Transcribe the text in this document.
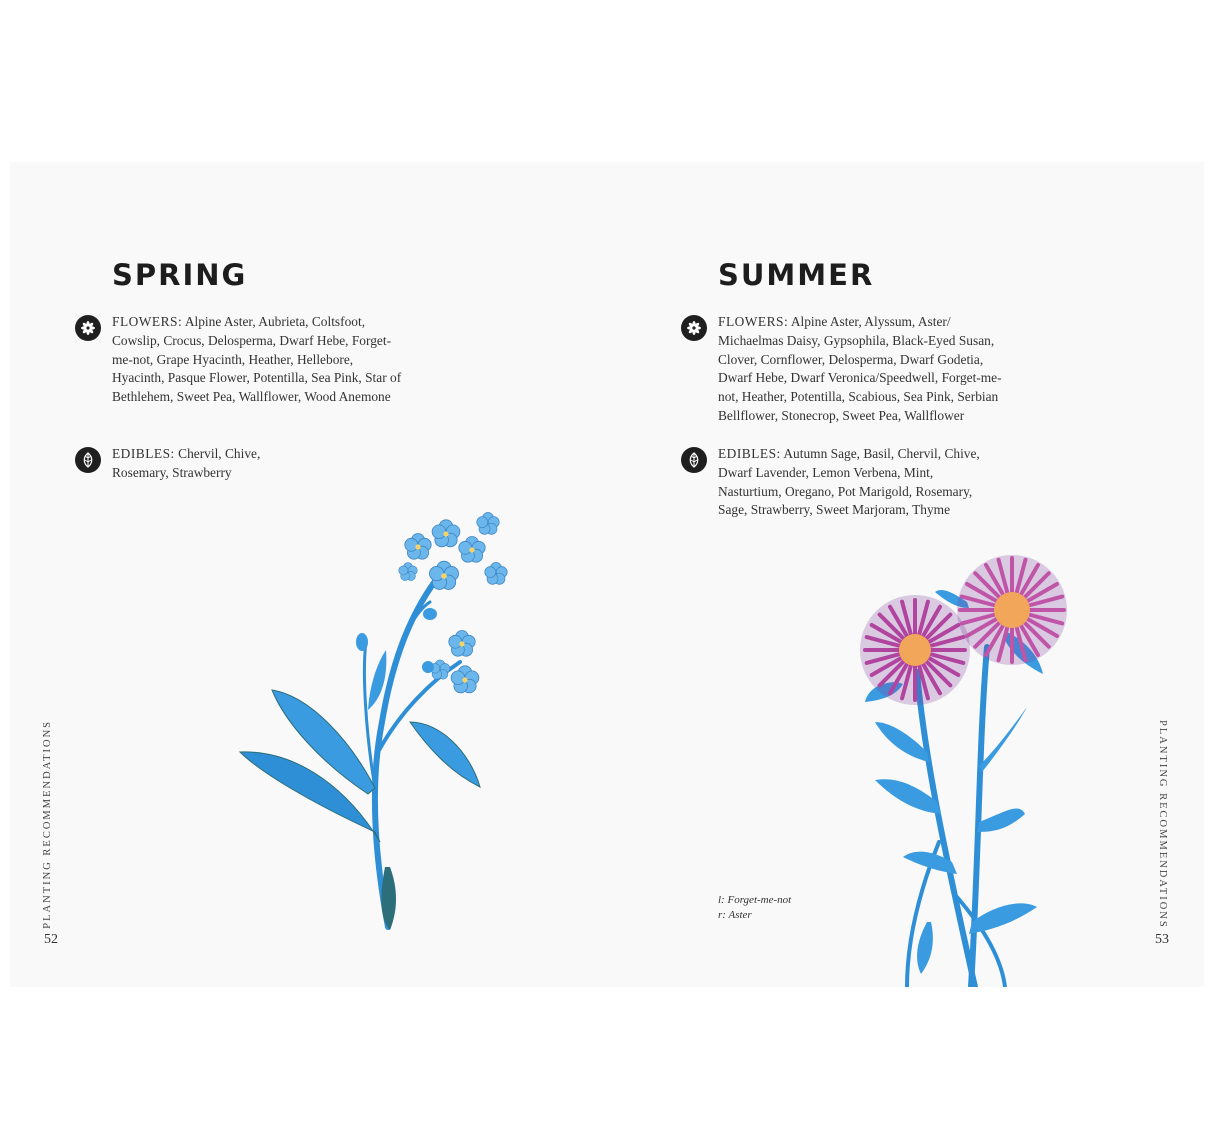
SPRING

FLOWERS: Alpine Aster, Aubrieta, Coltsfoot, Cowslip, Crocus, Delosperma, Dwarf Hebe, Forget-me-not, Grape Hyacinth, Heather, Hellebore, Hyacinth, Pasque Flower, Potentilla, Sea Pink, Star of Bethlehem, Sweet Pea, Wallflower, Wood Anemone

EDIBLES: Chervil, Chive, Rosemary, Strawberry

PLANTING RECOMMENDATIONS
52
SUMMER

FLOWERS: Alpine Aster, Alyssum, Aster/ Michaelmas Daisy, Gypsophila, Black-Eyed Susan, Clover, Cornflower, Delosperma, Dwarf Godetia, Dwarf Hebe, Dwarf Veronica/Speedwell, Forget-me-not, Heather, Potentilla, Scabious, Sea Pink, Serbian Bellflower, Stonecrop, Sweet Pea, Wallflower

EDIBLES: Autumn Sage, Basil, Chervil, Chive, Dwarf Lavender, Lemon Verbena, Mint, Nasturtium, Oregano, Pot Marigold, Rosemary, Sage, Strawberry, Sweet Marjoram, Thyme

l: Forget-me-not
r: Aster	PLANTING RECOMMENDATIONS
53
